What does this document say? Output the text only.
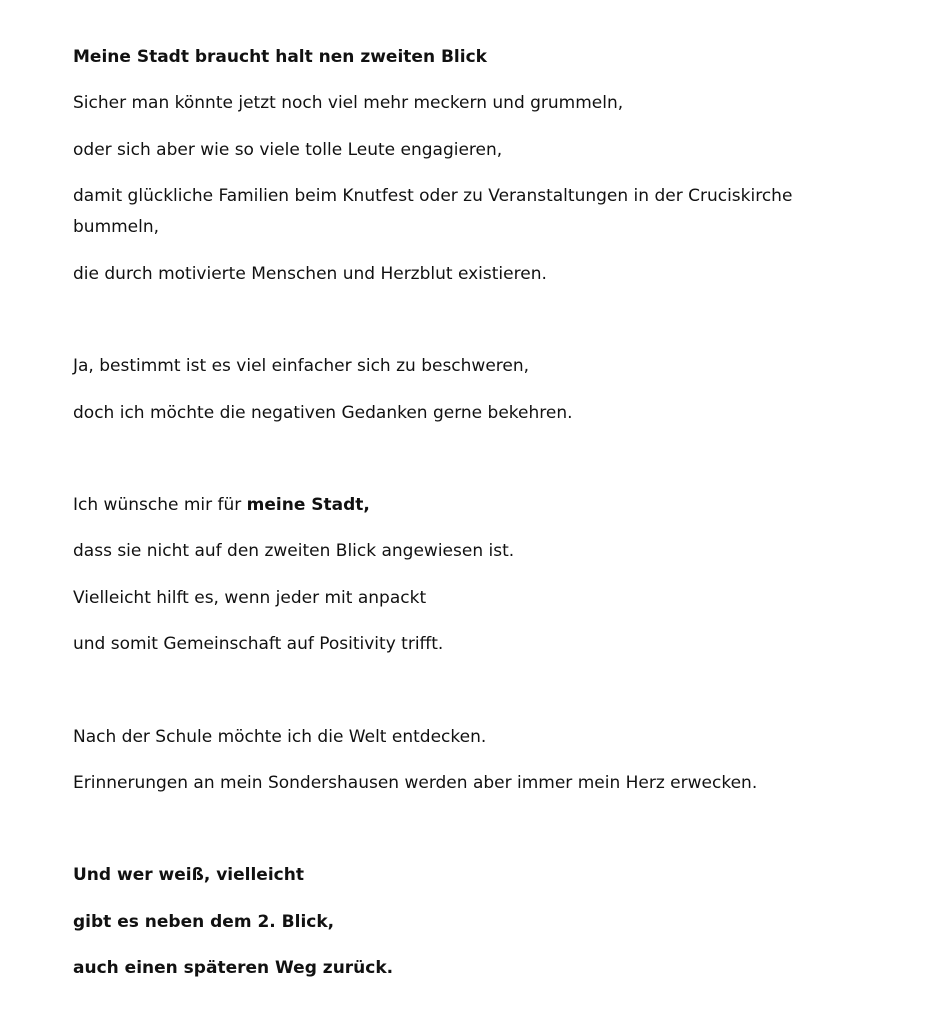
Meine Stadt braucht halt nen zweiten Blick

Sicher man könnte jetzt noch viel mehr meckern und grummeln,

oder sich aber wie so viele tolle Leute engagieren,

damit glückliche Familien beim Knutfest oder zu Veranstaltungen in der Cruciskirche bummeln,

die durch motivierte Menschen und Herzblut existieren.

Ja, bestimmt ist es viel einfacher sich zu beschweren,

doch ich möchte die negativen Gedanken gerne bekehren.

Ich wünsche mir für meine Stadt,

dass sie nicht auf den zweiten Blick angewiesen ist.

Vielleicht hilft es, wenn jeder mit anpackt

und somit Gemeinschaft auf Positivity trifft.

Nach der Schule möchte ich die Welt entdecken.

Erinnerungen an mein Sondershausen werden aber immer mein Herz erwecken.

Und wer weiß, vielleicht

gibt es neben dem 2. Blick,

auch einen späteren Weg zurück.
